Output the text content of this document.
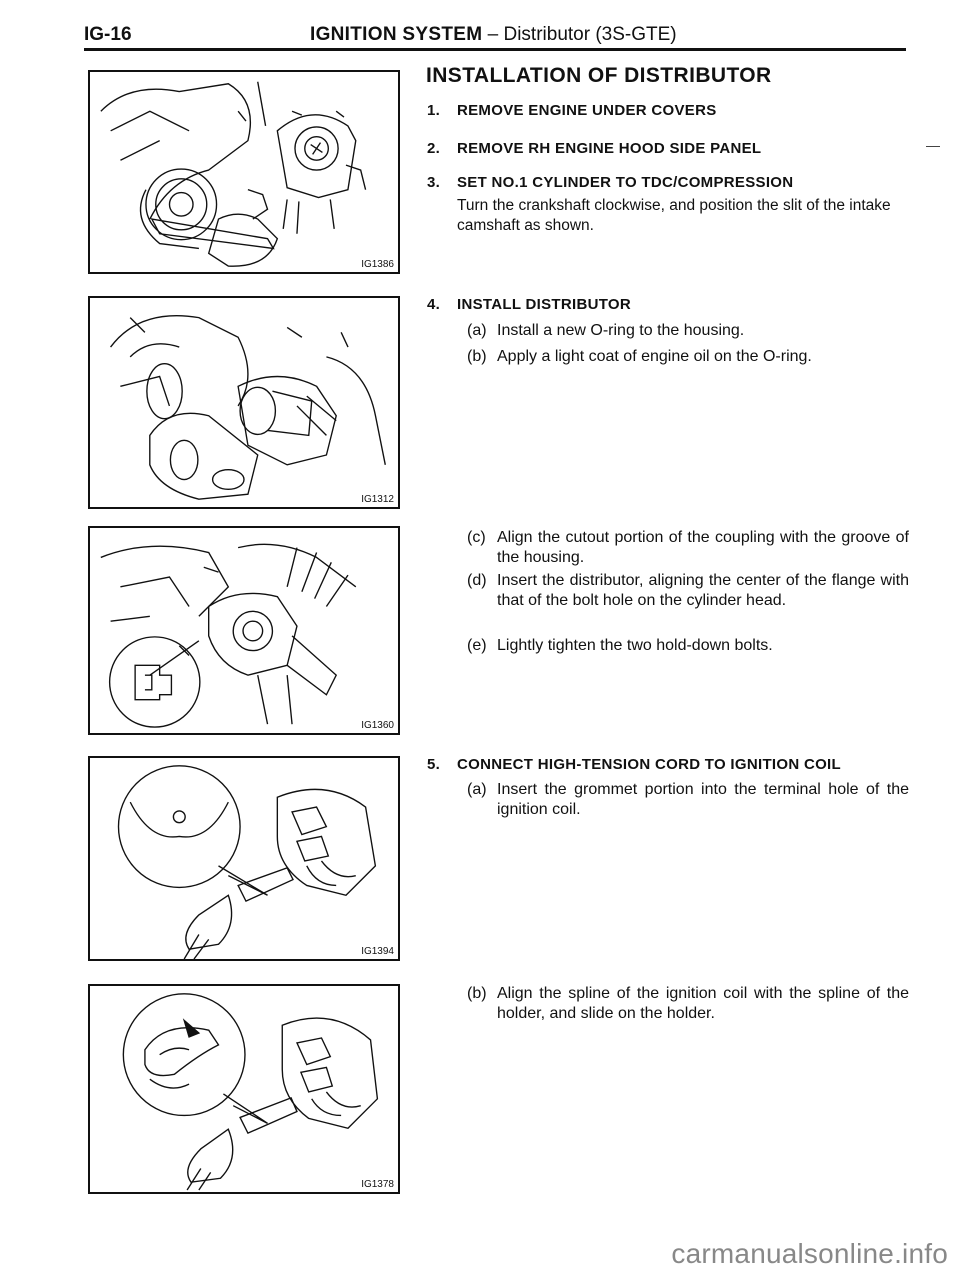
IG-16	IGNITION SYSTEM – Distributor (3S-GTE)
INSTALLATION OF DISTRIBUTOR
1. REMOVE ENGINE UNDER COVERS
2. REMOVE RH ENGINE HOOD SIDE PANEL
3. SET NO.1 CYLINDER TO TDC/COMPRESSION
Turn the crankshaft clockwise, and position the slit of the intake camshaft as shown.
4. INSTALL DISTRIBUTOR
(a) Install a new O-ring to the housing.
(b) Apply a light coat of engine oil on the O-ring.
(c) Align the cutout portion of the coupling with the groove of the housing.
(d) Insert the distributor, aligning the center of the flange with that of the bolt hole on the cylinder head.
(e) Lightly tighten the two hold-down bolts.
5. CONNECT HIGH-TENSION CORD TO IGNITION COIL
(a) Insert the grommet portion into the terminal hole of the ignition coil.
(b) Align the spline of the ignition coil with the spline of the holder, and slide on the holder.
IG1386
IG1312
IG1360
IG1394
IG1378
carmanualsonline.info
